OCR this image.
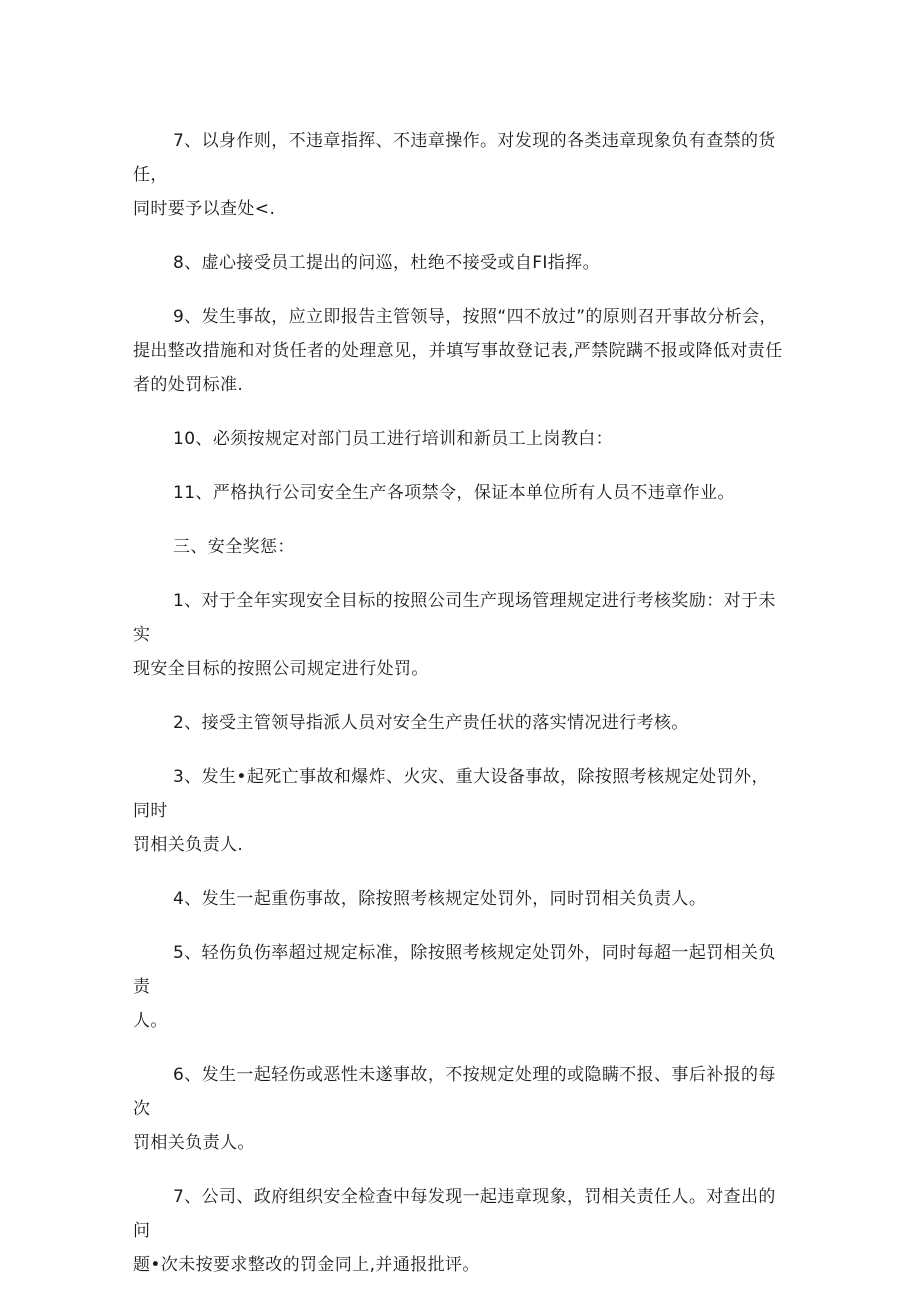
7、以身作则，不违章指挥、不违章操作。对发现的各类违章现象负有查禁的货任，
同时要予以查处<.

8、虚心接受员工提出的问巡，杜绝不接受或自FI指挥。

9、发生事故，应立即报告主管领导，按照“四不放过”的原则召开事故分析会，
提出整改措施和对货任者的处理意见，并填写事故登记表,严禁院蹒不报或降低对责任
者的处罚标准.

10、必须按规定对部门员工进行培训和新员工上岗教白：

11、严格执行公司安全生产各项禁令，保证本单位所有人员不违章作业。

三、安全奖惩：

1、对于全年实现安全目标的按照公司生产现场管理规定进行考核奖励：对于未实
现安全目标的按照公司规定进行处罚。

2、接受主管领导指派人员对安全生产贵任状的落实情况进行考核。

3、发生•起死亡事故和爆炸、火灾、重大设备事故，除按照考核规定处罚外，同时
罚相关负责人.

4、发生一起重伤事故，除按照考核规定处罚外，同时罚相关负责人。

5、轻伤负伤率超过规定标准，除按照考核规定处罚外，同时每超一起罚相关负责
人。

6、发生一起轻伤或恶性未遂事故，不按规定处理的或隐瞒不报、事后补报的每次
罚相关负责人。

7、公司、政府组织安全检查中每发现一起违章现象，罚相关责任人。对查出的问
题•次未按要求整改的罚金同上,并通报批评。
